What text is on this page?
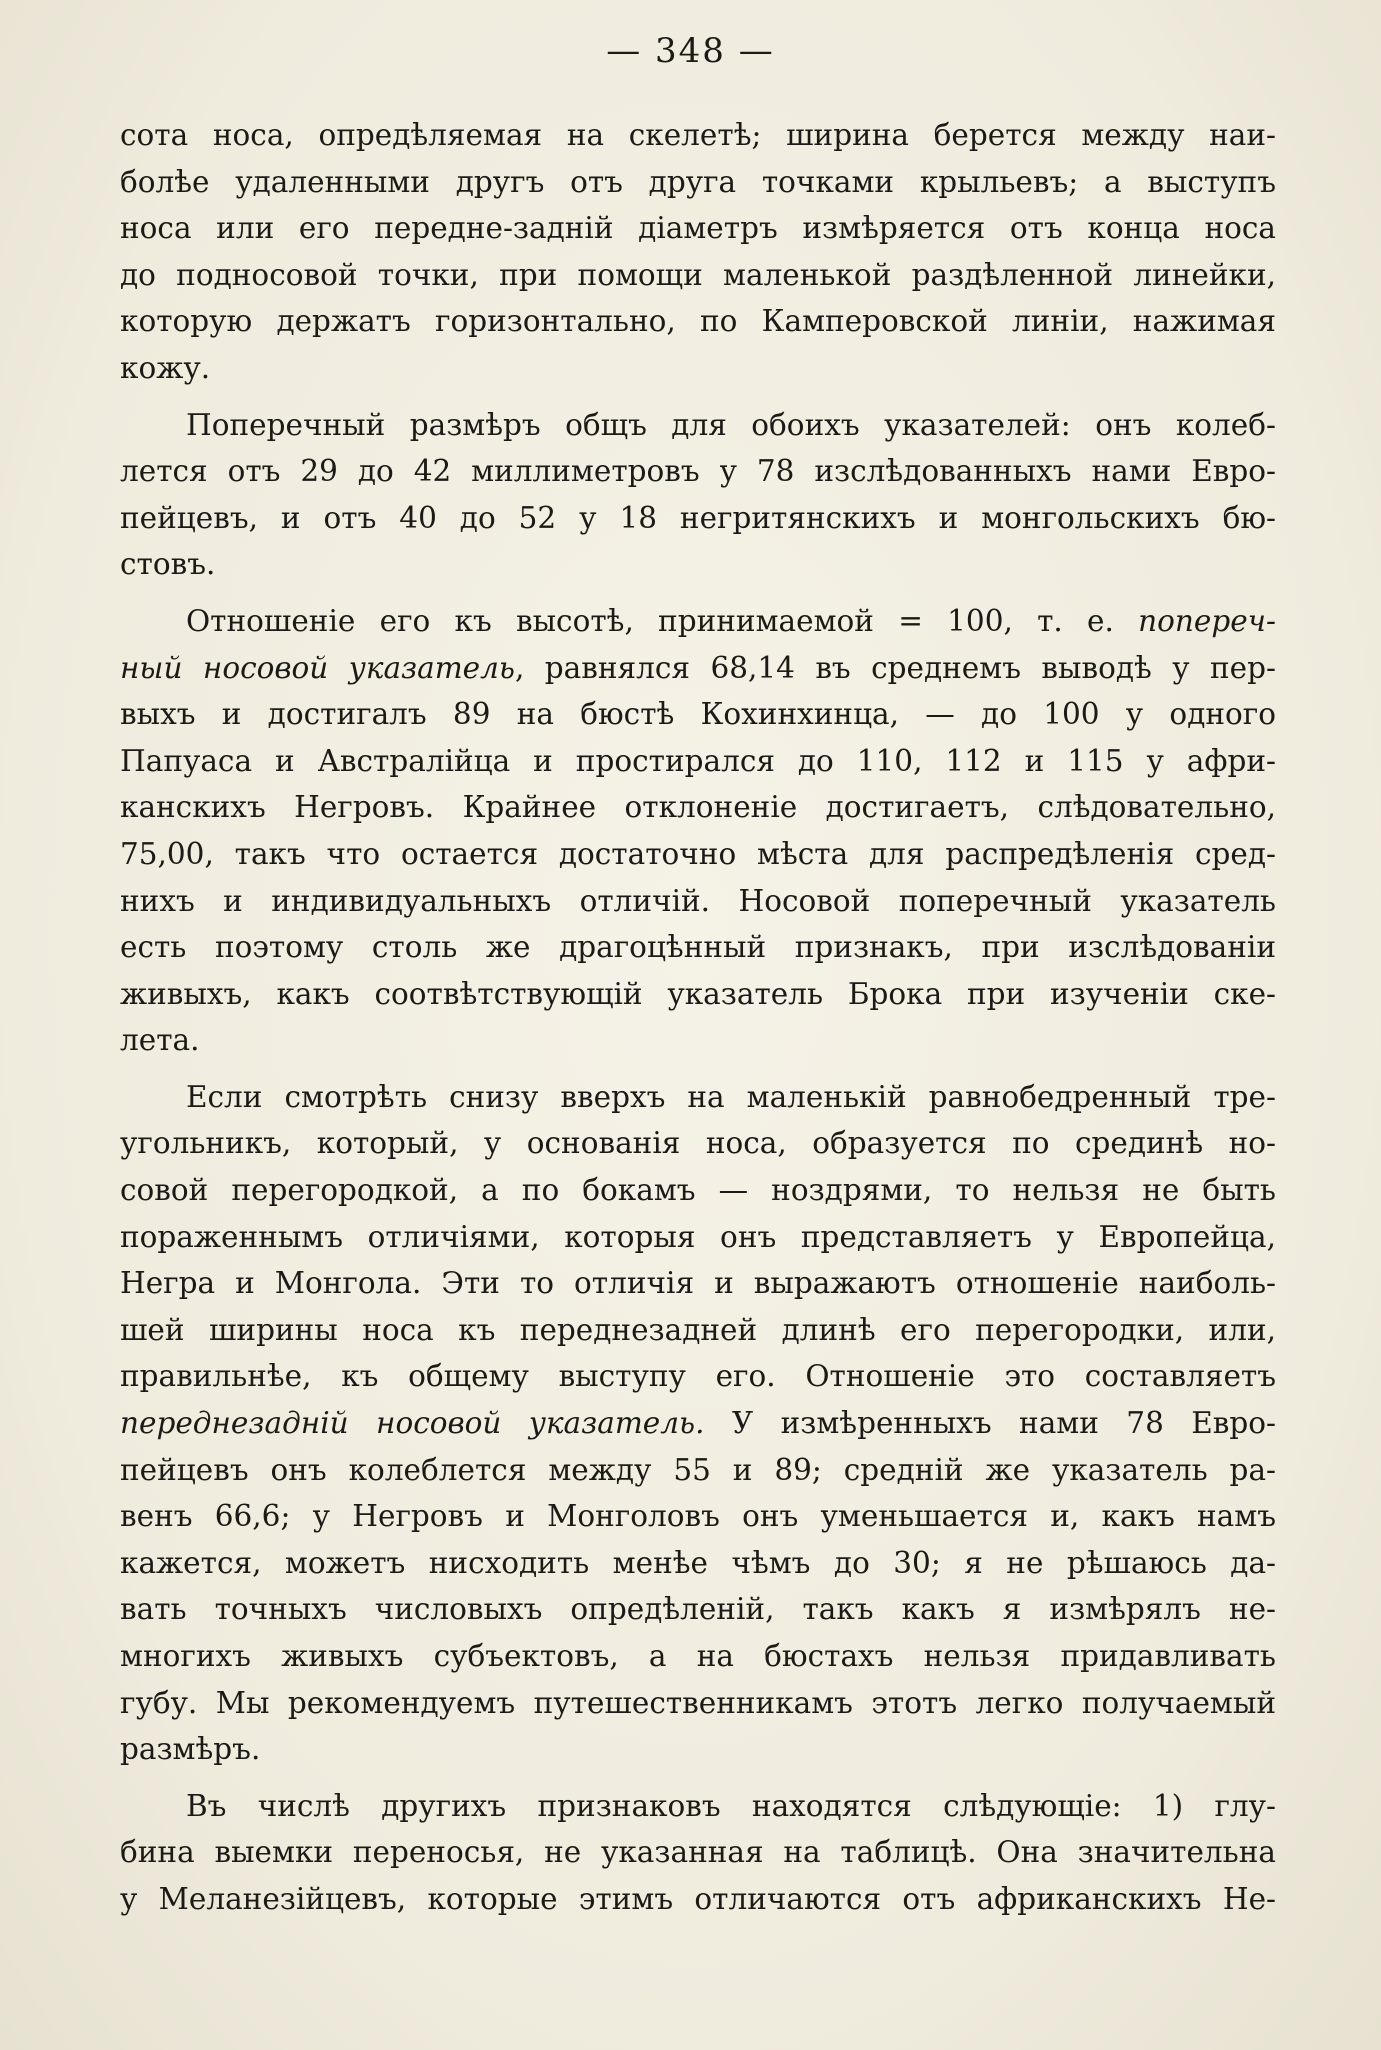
— 348 —
сота носа, опредѣляемая на скелетѣ; ширина берется между наи-
болѣе удаленными другъ отъ друга точками крыльевъ; а выступъ
носа или его передне-задній діаметръ измѣряется отъ конца носа
до подносовой точки, при помощи маленькой раздѣленной линейки,
которую держатъ горизонтально, по Камперовской линіи, нажимая
кожу.
Поперечный размѣръ общъ для обоихъ указателей: онъ колеб-
лется отъ 29 до 42 миллиметровъ у 78 изслѣдованныхъ нами Евро-
пейцевъ, и отъ 40 до 52 у 18 негритянскихъ и монгольскихъ бю-
стовъ.
Отношеніе его къ высотѣ, принимаемой = 100, т. е. попереч-
ный носовой указатель, равнялся 68,14 въ среднемъ выводѣ у пер-
выхъ и достигалъ 89 на бюстѣ Кохинхинца, — до 100 у одного
Папуаса и Австралійца и простирался до 110, 112 и 115 у афри-
канскихъ Негровъ. Крайнее отклоненіе достигаетъ, слѣдовательно,
75,00, такъ что остается достаточно мѣста для распредѣленія сред-
нихъ и индивидуальныхъ отличій. Носовой поперечный указатель
есть поэтому столь же драгоцѣнный признакъ, при изслѣдованіи
живыхъ, какъ соотвѣтствующій указатель Брока при изученіи ске-
лета.
Если смотрѣть снизу вверхъ на маленькій равнобедренный тре-
угольникъ, который, у основанія носа, образуется по срединѣ но-
совой перегородкой, а по бокамъ — ноздрями, то нельзя не быть
пораженнымъ отличіями, которыя онъ представляетъ у Европейца,
Негра и Монгола. Эти то отличія и выражаютъ отношеніе наиболь-
шей ширины носа къ переднезадней длинѣ его перегородки, или,
правильнѣе, къ общему выступу его. Отношеніе это составляетъ
переднезадній носовой указатель. У измѣренныхъ нами 78 Евро-
пейцевъ онъ колеблется между 55 и 89; средній же указатель ра-
венъ 66,6; у Негровъ и Монголовъ онъ уменьшается и, какъ намъ
кажется, можетъ нисходить менѣе чѣмъ до 30; я не рѣшаюсь да-
вать точныхъ числовыхъ опредѣленій, такъ какъ я измѣрялъ не-
многихъ живыхъ субъектовъ, а на бюстахъ нельзя придавливать
губу. Мы рекомендуемъ путешественникамъ этотъ легко получаемый
размѣръ.
Въ числѣ другихъ признаковъ находятся слѣдующіе: 1) глу-
бина выемки переносья, не указанная на таблицѣ. Она значительна
у Меланезійцевъ, которые этимъ отличаются отъ африканскихъ Не-
